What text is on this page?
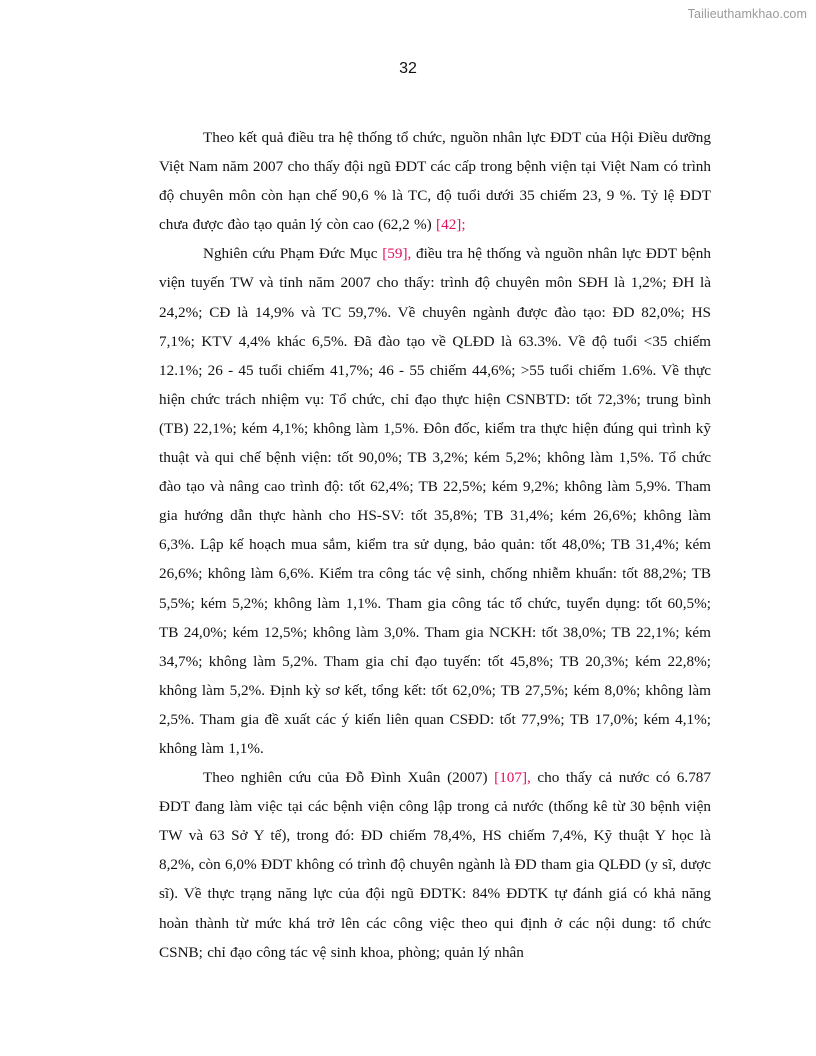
Tailieuthamkhao.com
32

Theo kết quả điều tra hệ thống tổ chức, nguồn nhân lực ĐDT của Hội Điều dưỡng Việt Nam năm 2007 cho thấy đội ngũ ĐDT các cấp trong bệnh viện tại Việt Nam có trình độ chuyên môn còn hạn chế 90,6 % là TC, độ tuổi dưới 35 chiếm 23, 9 %. Tỷ lệ ĐDT chưa được đào tạo quản lý còn cao (62,2 %) [42];

Nghiên cứu Phạm Đức Mục [59], điều tra hệ thống và nguồn nhân lực ĐDT bệnh viện tuyến TW và tỉnh năm 2007 cho thấy: trình độ chuyên môn SĐH là 1,2%; ĐH là 24,2%; CĐ là 14,9% và TC 59,7%. Về chuyên ngành được đào tạo: ĐD 82,0%; HS 7,1%; KTV 4,4% khác 6,5%. Đã đào tạo về QLĐD là 63.3%. Về độ tuổi <35 chiếm 12.1%; 26 - 45 tuổi chiếm 41,7%; 46 - 55 chiếm 44,6%; >55 tuổi chiếm 1.6%. Về thực hiện chức trách nhiệm vụ: Tổ chức, chỉ đạo thực hiện CSNBTD: tốt 72,3%; trung bình (TB) 22,1%; kém 4,1%; không làm 1,5%. Đôn đốc, kiểm tra thực hiện đúng qui trình kỹ thuật và qui chế bệnh viện: tốt 90,0%; TB 3,2%; kém 5,2%; không làm 1,5%. Tổ chức đào tạo và nâng cao trình độ: tốt 62,4%; TB 22,5%; kém 9,2%; không làm 5,9%. Tham gia hướng dẫn thực hành cho HS-SV: tốt 35,8%; TB 31,4%; kém 26,6%; không làm 6,3%. Lập kế hoạch mua sắm, kiểm tra sử dụng, bảo quản: tốt 48,0%; TB 31,4%; kém 26,6%; không làm 6,6%. Kiểm tra công tác vệ sinh, chống nhiễm khuẩn: tốt 88,2%; TB 5,5%; kém 5,2%; không làm 1,1%. Tham gia công tác tổ chức, tuyển dụng: tốt 60,5%; TB 24,0%; kém 12,5%; không làm 3,0%. Tham gia NCKH: tốt 38,0%; TB 22,1%; kém 34,7%; không làm 5,2%. Tham gia chỉ đạo tuyến: tốt 45,8%; TB 20,3%; kém 22,8%; không làm 5,2%. Định kỳ sơ kết, tổng kết: tốt 62,0%; TB 27,5%; kém 8,0%; không làm 2,5%. Tham gia đề xuất các ý kiến liên quan CSĐD: tốt 77,9%; TB 17,0%; kém 4,1%; không làm 1,1%.

Theo nghiên cứu của Đỗ Đình Xuân (2007) [107], cho thấy cả nước có 6.787 ĐDT đang làm việc tại các bệnh viện công lập trong cả nước (thống kê từ 30 bệnh viện TW và 63 Sở Y tế), trong đó: ĐD chiếm 78,4%, HS chiếm 7,4%, Kỹ thuật Y học là 8,2%, còn 6,0% ĐDT không có trình độ chuyên ngành là ĐD tham gia QLĐD (y sĩ, dược sĩ). Về thực trạng năng lực của đội ngũ ĐDTK: 84% ĐDTK tự đánh giá có khả năng hoàn thành từ mức khá trở lên các công việc theo qui định ở các nội dung: tổ chức CSNB; chỉ đạo công tác vệ sinh khoa, phòng; quản lý nhân
